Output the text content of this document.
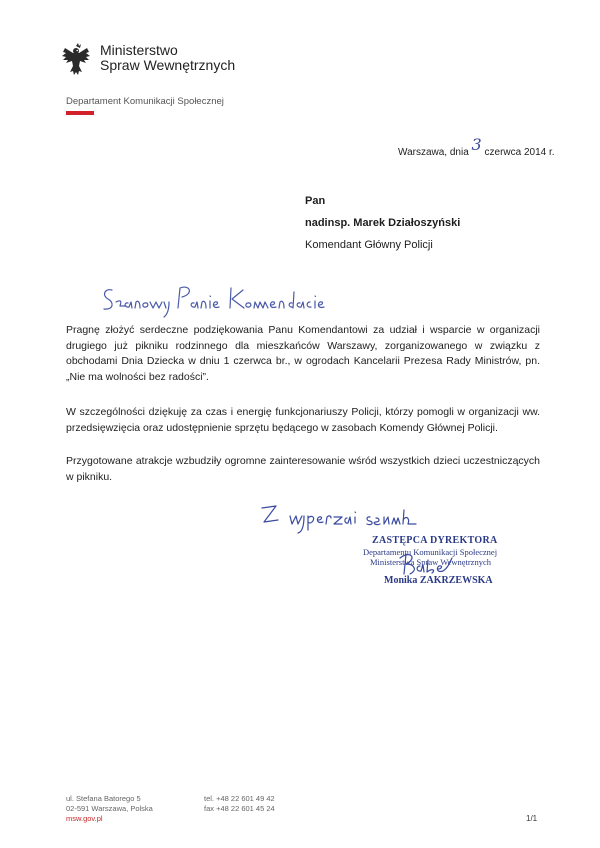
Ministerstwo
Spraw Wewnętrznych
Departament Komunikacji Społecznej
Warszawa, dnia 3 czerwca 2014 r.
Pan
nadinsp. Marek Działoszyński
Komendant Główny Policji
Pragnę złożyć serdeczne podziękowania Panu Komendantowi za udział i wsparcie w organizacji drugiego już pikniku rodzinnego dla mieszkańców Warszawy, zorganizowanego w związku z obchodami Dnia Dziecka w dniu 1 czerwca br., w ogrodach Kancelarii Prezesa Rady Ministrów, pn. „Nie ma wolności bez radości”.
W szczególności dziękuję za czas i energię funkcjonariuszy Policji, którzy pomogli w organizacji ww. przedsięwzięcia oraz udostępnienie sprzętu będącego w zasobach Komendy Głównej Policji.
Przygotowane atrakcje wzbudziły ogromne zainteresowanie wśród wszystkich dzieci uczestniczących w pikniku.
ZASTĘPCA DYREKTORA
Departamentu Komunikacji Społecznej
Ministerstwa Spraw Wewnętrznych
Monika ZAKRZEWSKA
ul. Stefana Batorego 5
02-591 Warszawa, Polska
msw.gov.pl
tel. +48 22 601 49 42
fax +48 22 601 45 24
1/1
